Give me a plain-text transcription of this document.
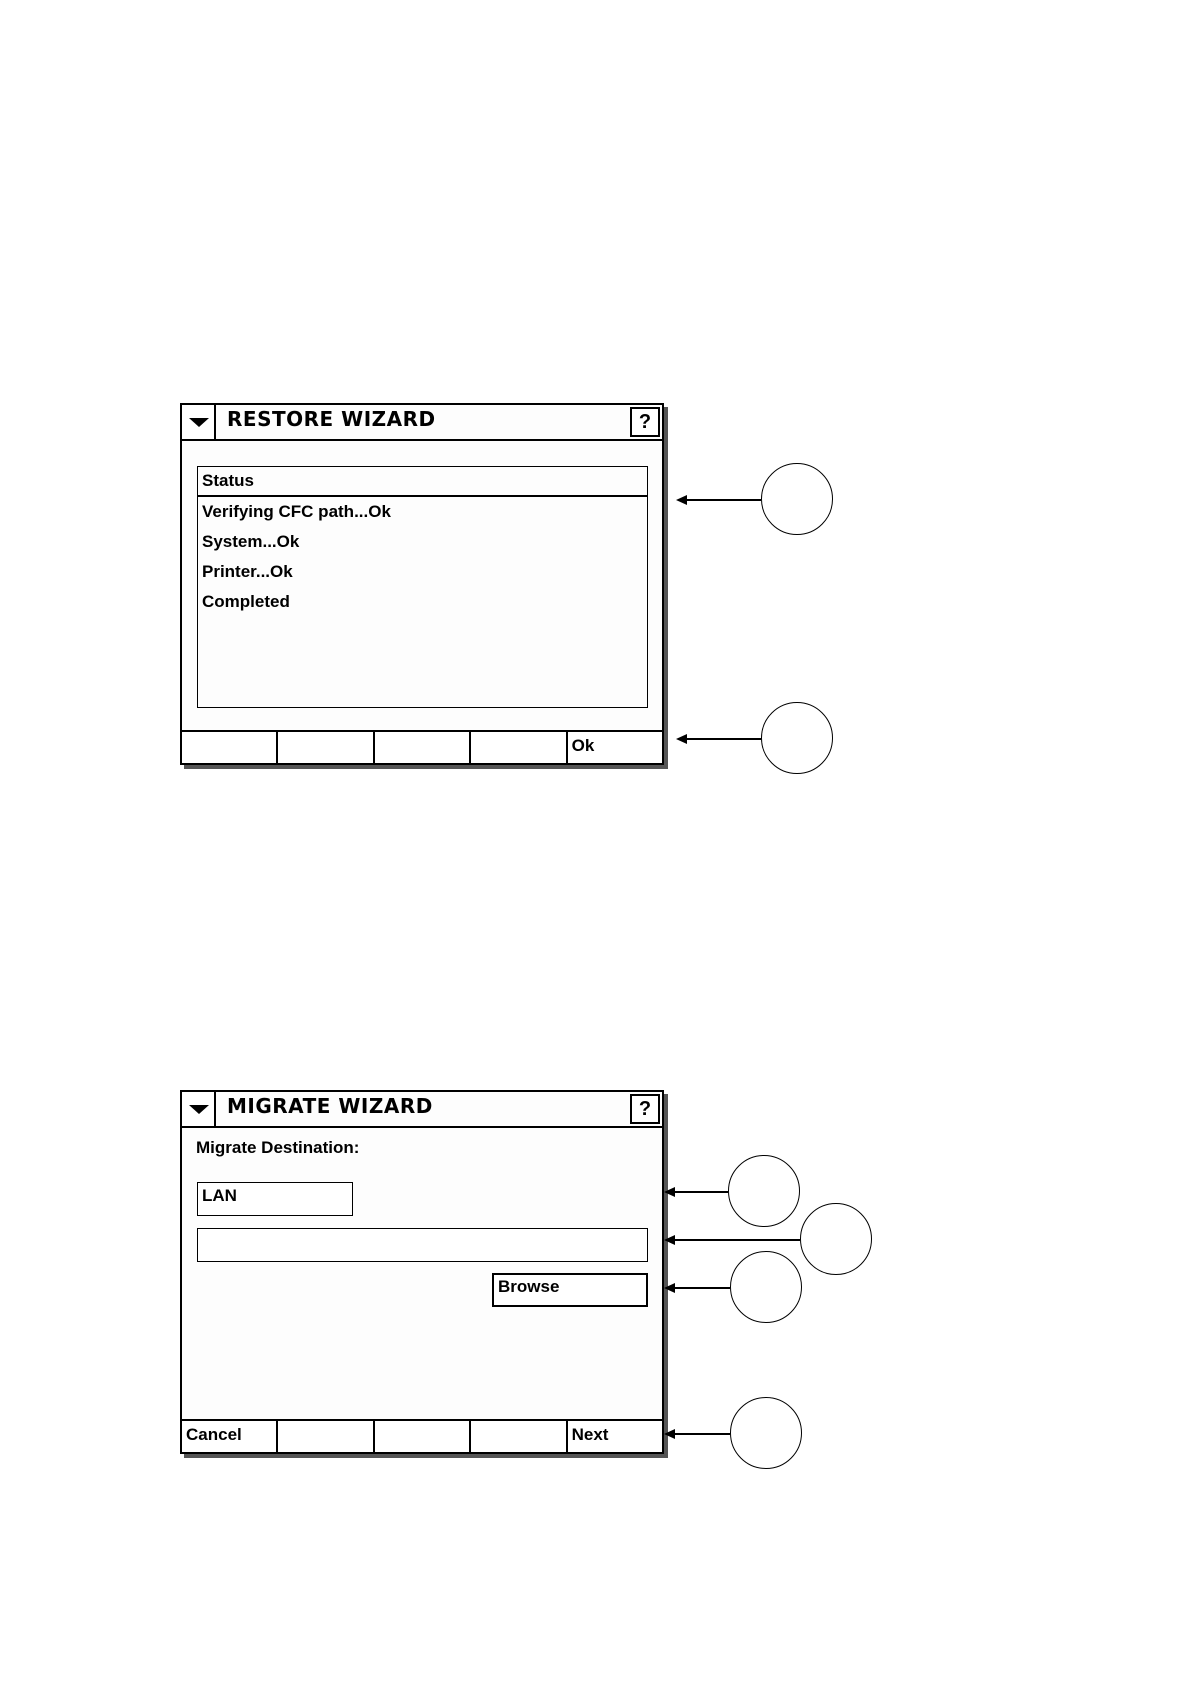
RESTORE WIZARD	?
Status
Verifying CFC path...Ok
System...Ok
Printer...Ok
Completed
Ok
MIGRATE WIZARD	?
Migrate Destination:
LAN
Browse
Cancel	Next
